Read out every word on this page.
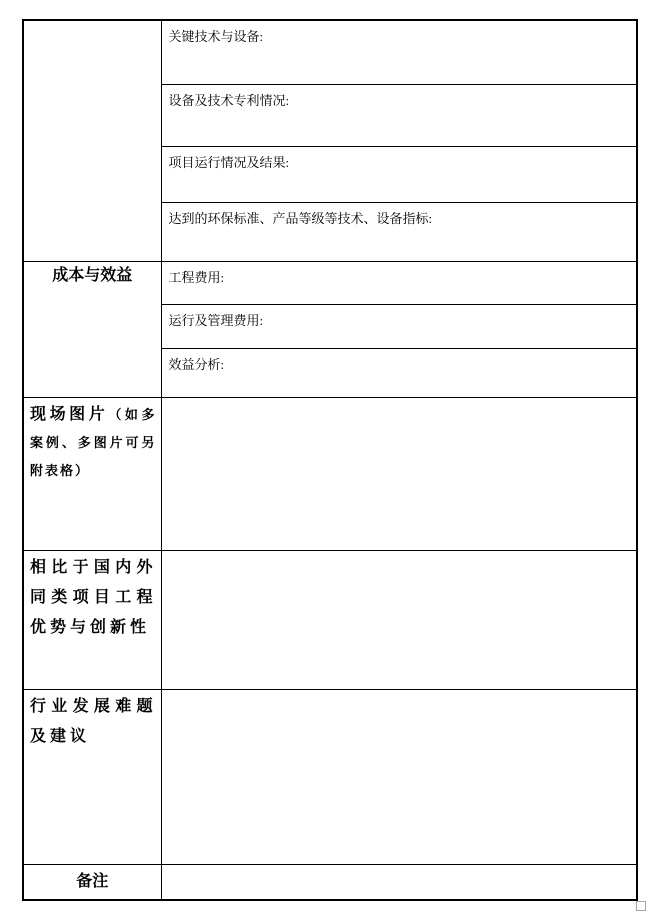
	关键技术与设备:
	设备及技术专利情况:
	项目运行情况及结果:
	达到的环保标准、产品等级等技术、设备指标:
成本与效益	工程费用:
	运行及管理费用:
	效益分析:
现场图片（如多案例、多图片可另附表格）	
相比于国内外同类项目工程优势与创新性	
行业发展难题及建议	
备注	
